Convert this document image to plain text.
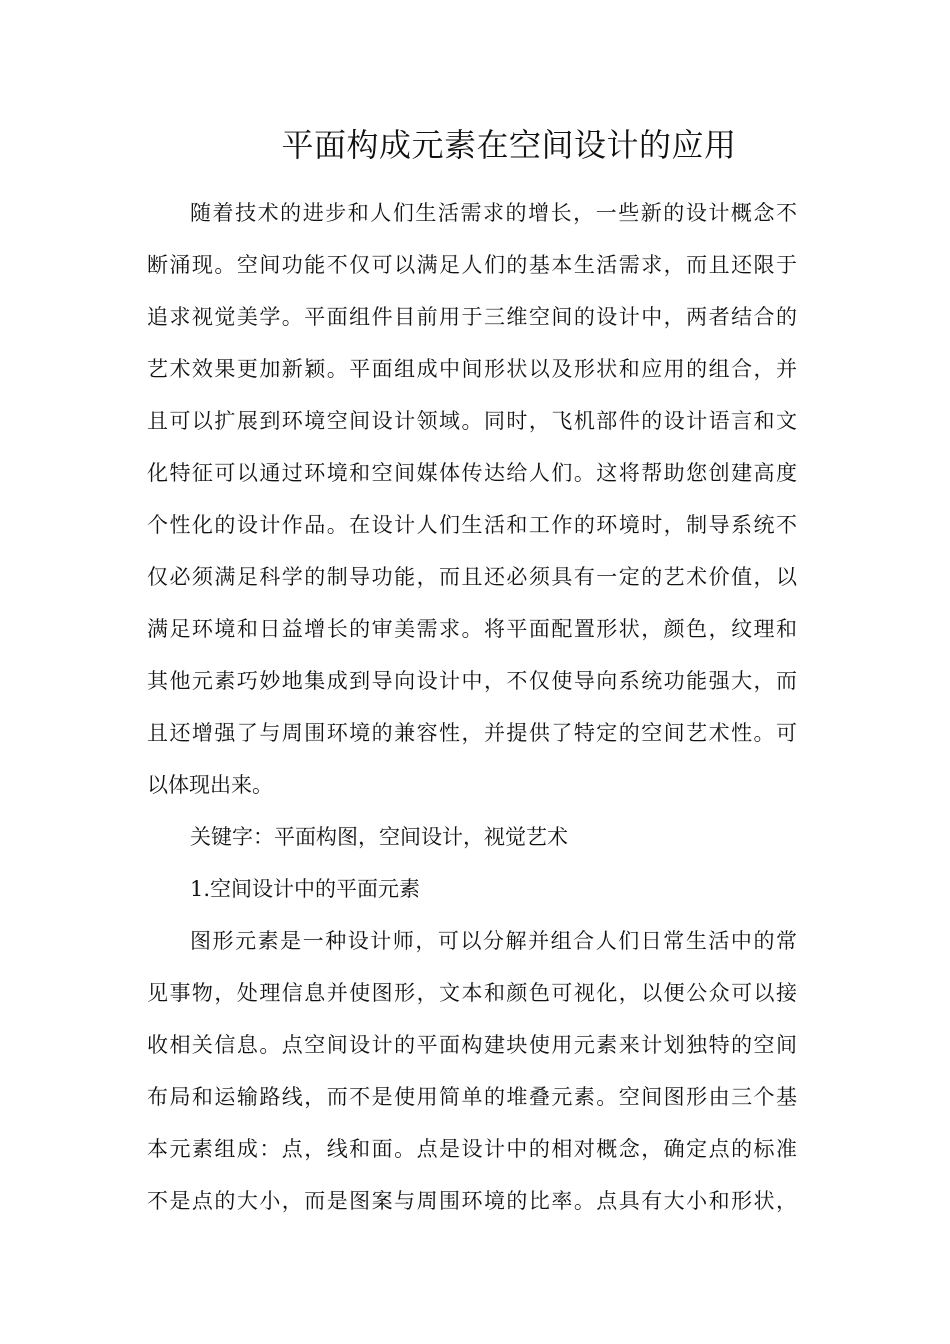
平面构成元素在空间设计的应用
随着技术的进步和人们生活需求的增长，一些新的设计概念不
断涌现。空间功能不仅可以满足人们的基本生活需求，而且还限于
追求视觉美学。平面组件目前用于三维空间的设计中，两者结合的
艺术效果更加新颖。平面组成中间形状以及形状和应用的组合，并
且可以扩展到环境空间设计领域。同时，飞机部件的设计语言和文
化特征可以通过环境和空间媒体传达给人们。这将帮助您创建高度
个性化的设计作品。在设计人们生活和工作的环境时，制导系统不
仅必须满足科学的制导功能，而且还必须具有一定的艺术价值，以
满足环境和日益增长的审美需求。将平面配置形状，颜色，纹理和
其他元素巧妙地集成到导向设计中，不仅使导向系统功能强大，而
且还增强了与周围环境的兼容性，并提供了特定的空间艺术性。可
以体现出来。
关键字：平面构图，空间设计，视觉艺术
1.空间设计中的平面元素
图形元素是一种设计师，可以分解并组合人们日常生活中的常
见事物，处理信息并使图形，文本和颜色可视化，以便公众可以接
收相关信息。点空间设计的平面构建块使用元素来计划独特的空间
布局和运输路线，而不是使用简单的堆叠元素。空间图形由三个基
本元素组成：点，线和面。点是设计中的相对概念，确定点的标准
不是点的大小，而是图案与周围环境的比率。点具有大小和形状，
